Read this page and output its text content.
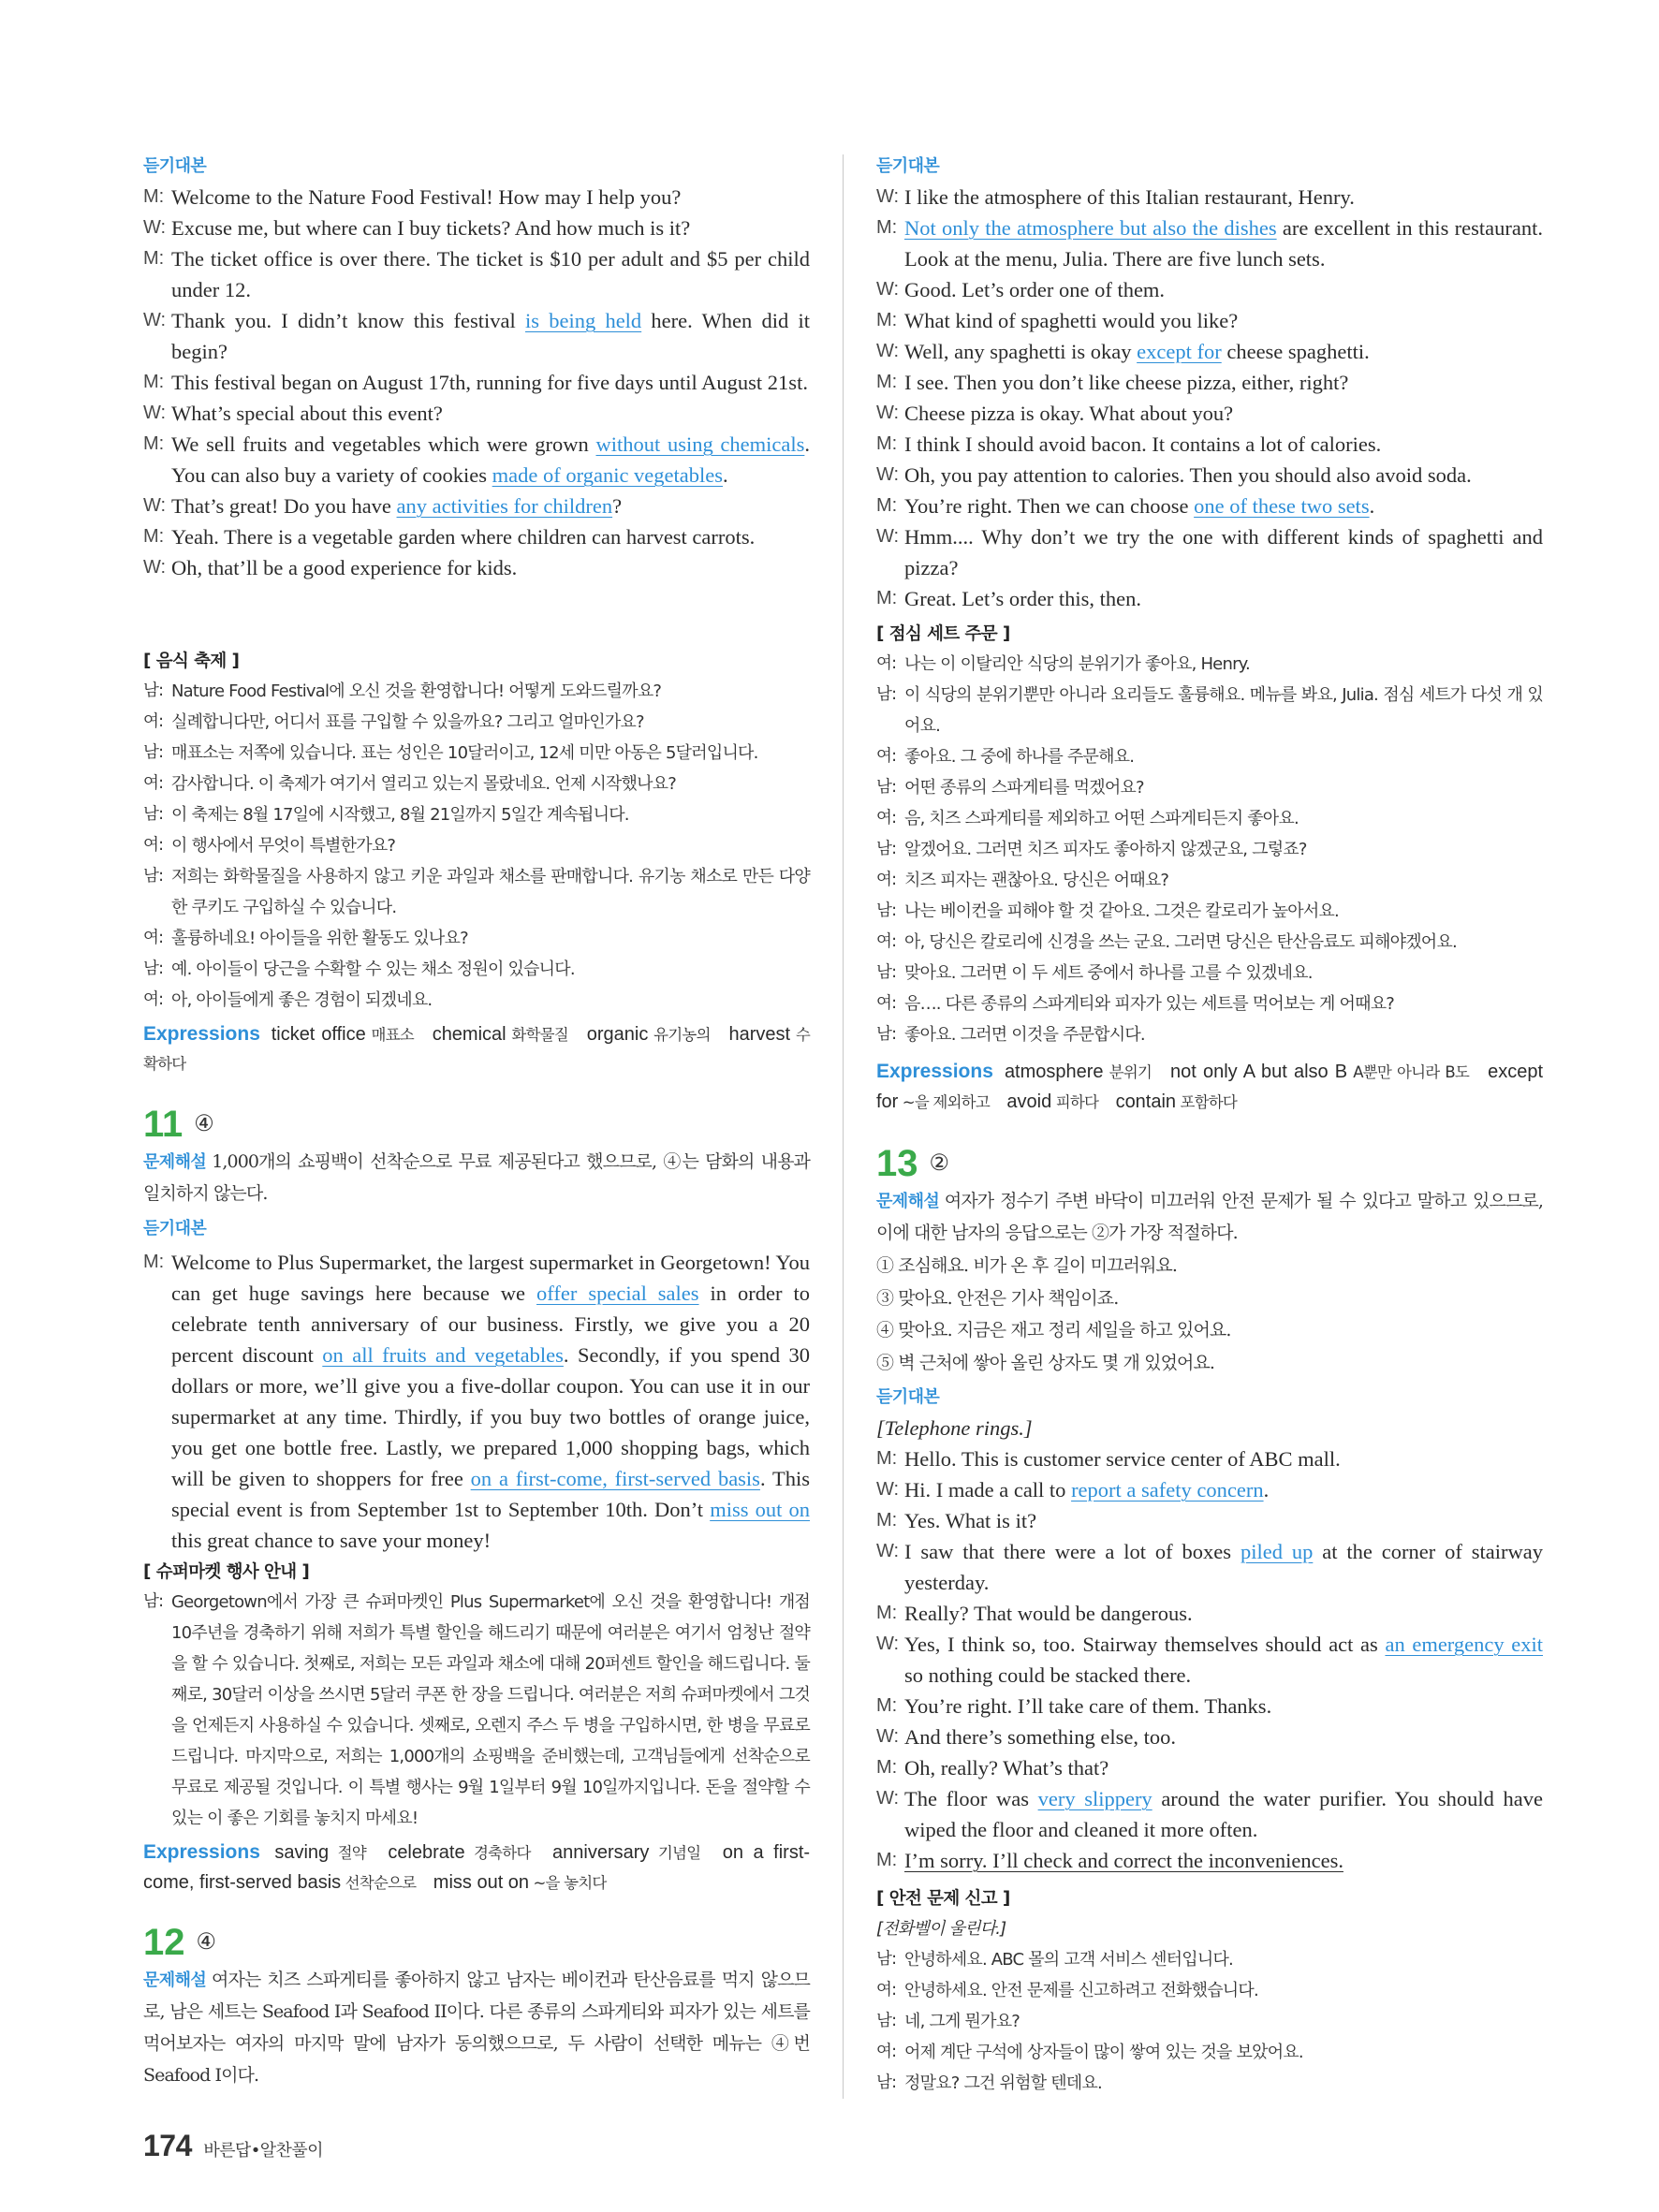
듣기대본
M: Welcome to the Nature Food Festival! How may I help you?
W: Excuse me, but where can I buy tickets? And how much is it?
M: The ticket office is over there. The ticket is $10 per adult and $5 per child under 12.
W: Thank you. I didn’t know this festival is being held here. When did it begin?
M: This festival began on August 17th, running for five days until August 21st.
W: What’s special about this event?
M: We sell fruits and vegetables which were grown without using chemicals. You can also buy a variety of cookies made of organic vegetables.
W: That’s great! Do you have any activities for children?
M: Yeah. There is a vegetable garden where children can harvest carrots.
W: Oh, that’ll be a good experience for kids.
[ 음식 축제 ]
남: Nature Food Festival에 오신 것을 환영합니다! 어떻게 도와드릴까요?
여: 실례합니다만, 어디서 표를 구입할 수 있을까요? 그리고 얼마인가요?
남: 매표소는 저쪽에 있습니다. 표는 성인은 10달러이고, 12세 미만 아동은 5달러입니다.
여: 감사합니다. 이 축제가 여기서 열리고 있는지 몰랐네요. 언제 시작했나요?
남: 이 축제는 8월 17일에 시작했고, 8월 21일까지 5일간 계속됩니다.
여: 이 행사에서 무엇이 특별한가요?
남: 저희는 화학물질을 사용하지 않고 키운 과일과 채소를 판매합니다. 유기농 채소로 만든 다양한 쿠키도 구입하실 수 있습니다.
여: 훌륭하네요! 아이들을 위한 활동도 있나요?
남: 예. 아이들이 당근을 수확할 수 있는 채소 정원이 있습니다.
여: 아, 아이들에게 좋은 경험이 되겠네요.
Expressions ticket office 매표소 chemical 화학물질 organic 유기농의 harvest 수확하다
11 ④
문제해설 1,000개의 쇼핑백이 선착순으로 무료 제공된다고 했으므로, ④는 담화의 내용과 일치하지 않는다.
듣기대본
M: Welcome to Plus Supermarket, the largest supermarket in Georgetown! You can get huge savings here because we offer special sales in order to celebrate tenth anniversary of our business. Firstly, we give you a 20 percent discount on all fruits and vegetables. Secondly, if you spend 30 dollars or more, we’ll give you a five-dollar coupon. You can use it in our supermarket at any time. Thirdly, if you buy two bottles of orange juice, you get one bottle free. Lastly, we prepared 1,000 shopping bags, which will be given to shoppers for free on a first-come, first-served basis. This special event is from September 1st to September 10th. Don’t miss out on this great chance to save your money!
[ 슈퍼마켓 행사 안내 ]
남: Georgetown에서 가장 큰 슈퍼마켓인 Plus Supermarket에 오신 것을 환영합니다! 개점 10주년을 경축하기 위해 저희가 특별 할인을 해드리기 때문에 여러분은 여기서 엄청난 절약을 할 수 있습니다. 첫째로, 저희는 모든 과일과 채소에 대해 20퍼센트 할인을 해드립니다. 둘째로, 30달러 이상을 쓰시면 5달러 쿠폰 한 장을 드립니다. 여러분은 저희 슈퍼마켓에서 그것을 언제든지 사용하실 수 있습니다. 셋째로, 오렌지 주스 두 병을 구입하시면, 한 병을 무료로 드립니다. 마지막으로, 저희는 1,000개의 쇼핑백을 준비했는데, 고객님들에게 선착순으로 무료로 제공될 것입니다. 이 특별 행사는 9월 1일부터 9월 10일까지입니다. 돈을 절약할 수 있는 이 좋은 기회를 놓치지 마세요!
Expressions saving 절약 celebrate 경축하다 anniversary 기념일 on a first-come, first-served basis 선착순으로 miss out on ~을 놓치다
12 ④
문제해설 여자는 치즈 스파게티를 좋아하지 않고 남자는 베이컨과 탄산음료를 먹지 않으므로, 남은 세트는 Seafood I과 Seafood II이다. 다른 종류의 스파게티와 피자가 있는 세트를 먹어보자는 여자의 마지막 말에 남자가 동의했으므로, 두 사람이 선택한 메뉴는 ④번 Seafood I이다.
듣기대본
W: I like the atmosphere of this Italian restaurant, Henry.
M: Not only the atmosphere but also the dishes are excellent in this restaurant. Look at the menu, Julia. There are five lunch sets.
W: Good. Let’s order one of them.
M: What kind of spaghetti would you like?
W: Well, any spaghetti is okay except for cheese spaghetti.
M: I see. Then you don’t like cheese pizza, either, right?
W: Cheese pizza is okay. What about you?
M: I think I should avoid bacon. It contains a lot of calories.
W: Oh, you pay attention to calories. Then you should also avoid soda.
M: You’re right. Then we can choose one of these two sets.
W: Hmm.... Why don’t we try the one with different kinds of spaghetti and pizza?
M: Great. Let’s order this, then.
[ 점심 세트 주문 ]
여: 나는 이 이탈리안 식당의 분위기가 좋아요, Henry.
남: 이 식당의 분위기뿐만 아니라 요리들도 훌륭해요. 메뉴를 봐요, Julia. 점심 세트가 다섯 개 있어요.
여: 좋아요. 그 중에 하나를 주문해요.
남: 어떤 종류의 스파게티를 먹겠어요?
여: 음, 치즈 스파게티를 제외하고 어떤 스파게티든지 좋아요.
남: 알겠어요. 그러면 치즈 피자도 좋아하지 않겠군요, 그렇죠?
여: 치즈 피자는 괜찮아요. 당신은 어때요?
남: 나는 베이컨을 피해야 할 것 같아요. 그것은 칼로리가 높아서요.
여: 아, 당신은 칼로리에 신경을 쓰는 군요. 그러면 당신은 탄산음료도 피해야겠어요.
남: 맞아요. 그러면 이 두 세트 중에서 하나를 고를 수 있겠네요.
여: 음…. 다른 종류의 스파게티와 피자가 있는 세트를 먹어보는 게 어때요?
남: 좋아요. 그러면 이것을 주문합시다.
Expressions atmosphere 분위기 not only A but also B A뿐만 아니라 B도 except for ~을 제외하고 avoid 피하다 contain 포함하다
13 ②
문제해설 여자가 정수기 주변 바닥이 미끄러워 안전 문제가 될 수 있다고 말하고 있으므로, 이에 대한 남자의 응답으로는 ②가 가장 적절하다.
① 조심해요. 비가 온 후 길이 미끄러워요.
③ 맞아요. 안전은 기사 책임이죠.
④ 맞아요. 지금은 재고 정리 세일을 하고 있어요.
⑤ 벽 근처에 쌓아 올린 상자도 몇 개 있었어요.
듣기대본
[Telephone rings.]
M: Hello. This is customer service center of ABC mall.
W: Hi. I made a call to report a safety concern.
M: Yes. What is it?
W: I saw that there were a lot of boxes piled up at the corner of stairway yesterday.
M: Really? That would be dangerous.
W: Yes, I think so, too. Stairway themselves should act as an emergency exit so nothing could be stacked there.
M: You’re right. I’ll take care of them. Thanks.
W: And there’s something else, too.
M: Oh, really? What’s that?
W: The floor was very slippery around the water purifier. You should have wiped the floor and cleaned it more often.
M: I’m sorry. I’ll check and correct the inconveniences.
[ 안전 문제 신고 ]
[전화벨이 울린다.]
남: 안녕하세요. ABC 몰의 고객 서비스 센터입니다.
여: 안녕하세요. 안전 문제를 신고하려고 전화했습니다.
남: 네, 그게 뭔가요?
여: 어제 계단 구석에 상자들이 많이 쌓여 있는 것을 보았어요.
남: 정말요? 그건 위험할 텐데요.
174 바른답•알찬풀이
